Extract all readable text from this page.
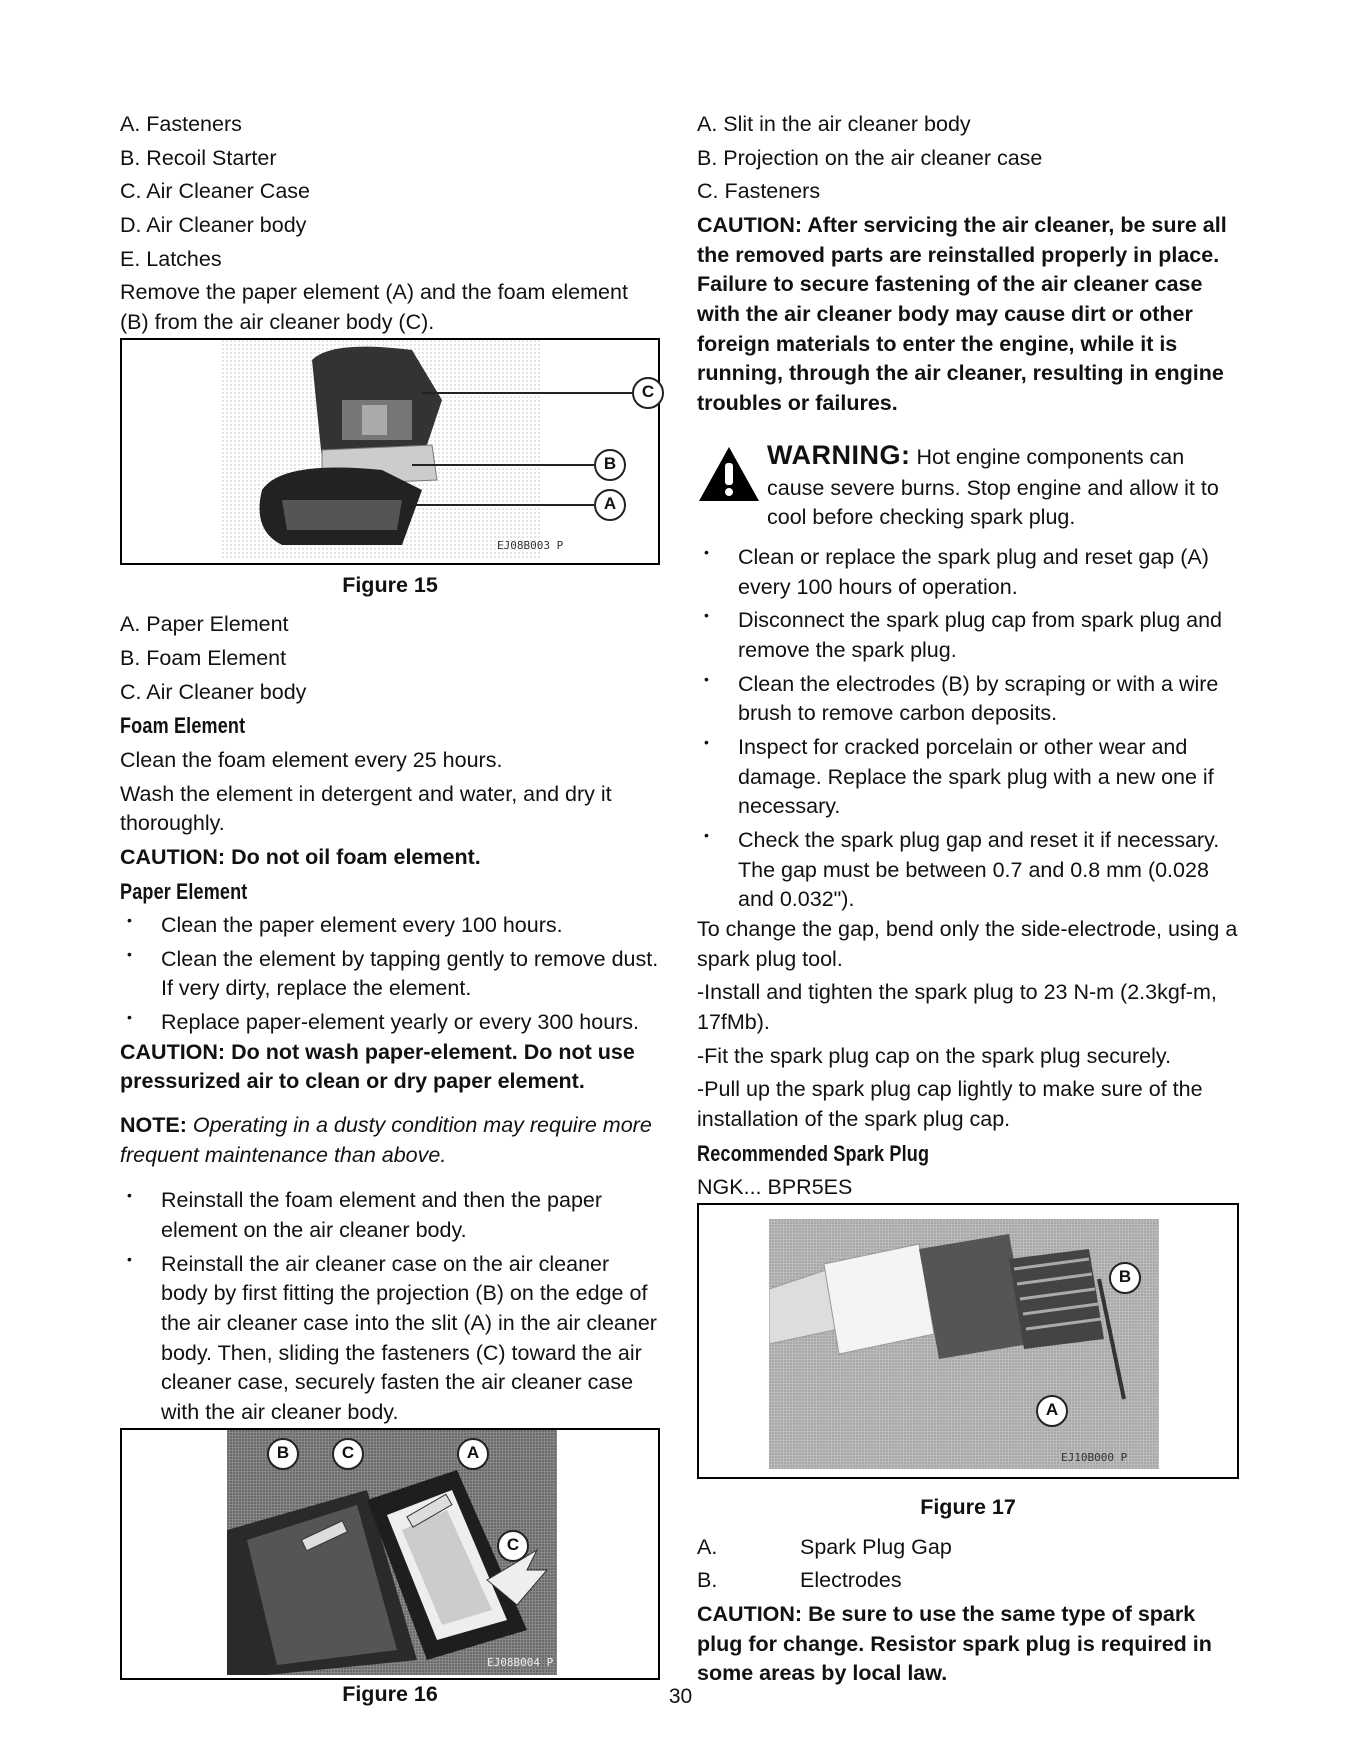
A. Fasteners

B. Recoil Starter

C. Air Cleaner Case

D. Air Cleaner body

E. Latches

Remove the paper element (A) and the foam element (B) from the air cleaner body (C).

C
B
A
EJ08B003 P

Figure 15

A. Paper Element

B. Foam Element

C. Air Cleaner body

Foam Element

Clean the foam element every 25 hours.

Wash the element in detergent and water, and dry it thoroughly.

CAUTION: Do not oil foam element.

Paper Element

• Clean the paper element every 100 hours.
• Clean the element by tapping gently to remove dust. If very dirty, replace the element.
• Replace paper-element yearly or every 300 hours.

CAUTION: Do not wash paper-element. Do not use pressurized air to clean or dry paper element.

NOTE: Operating in a dusty condition may require more frequent maintenance than above.

• Reinstall the foam element and then the paper element on the air cleaner body.
• Reinstall the air cleaner case on the air cleaner body by first fitting the projection (B) on the edge of the air cleaner case into the slit (A) in the air cleaner body. Then, sliding the fasteners (C) toward the air cleaner case, securely fasten the air cleaner case with the air cleaner body.
B	C	A
C
EJ08B004 P

Figure 16

A. Slit in the air cleaner body

B. Projection on the air cleaner case

C. Fasteners

CAUTION: After servicing the air cleaner, be sure all the removed parts are reinstalled properly in place. Failure to secure fastening of the air cleaner case with the air cleaner body may cause dirt or other foreign materials to enter the engine, while it is running, through the air cleaner, resulting in engine troubles or failures.

WARNING: Hot engine components can cause severe burns. Stop engine and allow it to cool before checking spark plug.

• Clean or replace the spark plug and reset gap (A) every 100 hours of operation.
• Disconnect the spark plug cap from spark plug and remove the spark plug.
• Clean the electrodes (B) by scraping or with a wire brush to remove carbon deposits.
• Inspect for cracked porcelain or other wear and damage. Replace the spark plug with a new one if necessary.
• Check the spark plug gap and reset it if necessary. The gap must be between 0.7 and 0.8 mm (0.028 and 0.032").

To change the gap, bend only the side-electrode, using a spark plug tool.

-Install and tighten the spark plug to 23 N-m (2.3kgf-m, 17fMb).

-Fit the spark plug cap on the spark plug securely.

-Pull up the spark plug cap lightly to make sure of the installation of the spark plug cap.

Recommended Spark Plug

NGK... BPR5ES

B
A
EJ10B000 P

Figure 17

A.	Spark Plug Gap
B.	Electrodes

CAUTION: Be sure to use the same type of spark plug for change. Resistor spark plug is required in some areas by local law.

30
